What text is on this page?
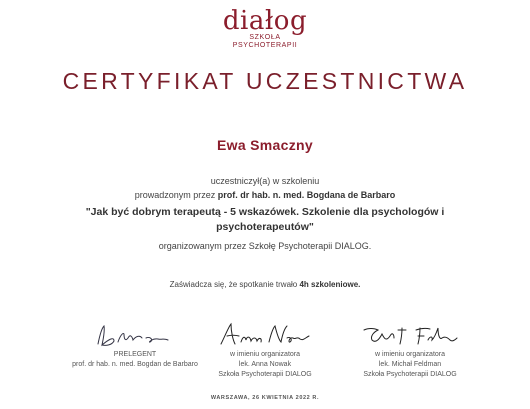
diałog
SZKOŁA
PSYCHOTERAPII
CERTYFIKAT UCZESTNICTWA
Ewa Smaczny
uczestniczył(a) w szkoleniu
prowadzonym przez prof. dr hab. n. med. Bogdana de Barbaro
"Jak być dobrym terapeutą - 5 wskazówek. Szkolenie dla psychologów i psychoterapeutów"
organizowanym przez Szkołę Psychoterapii DIALOG.
Zaświadcza się, że spotkanie trwało 4h szkoleniowe.
PRELEGENT
prof. dr hab. n. med. Bogdan de Barbaro
w imieniu organizatora
lek. Anna Nowak
Szkoła Psychoterapii DIALOG
w imieniu organizatora
lek. Michał Feldman
Szkoła Psychoterapii DIALOG
WARSZAWA, 26 KWIETNIA 2022 R.
